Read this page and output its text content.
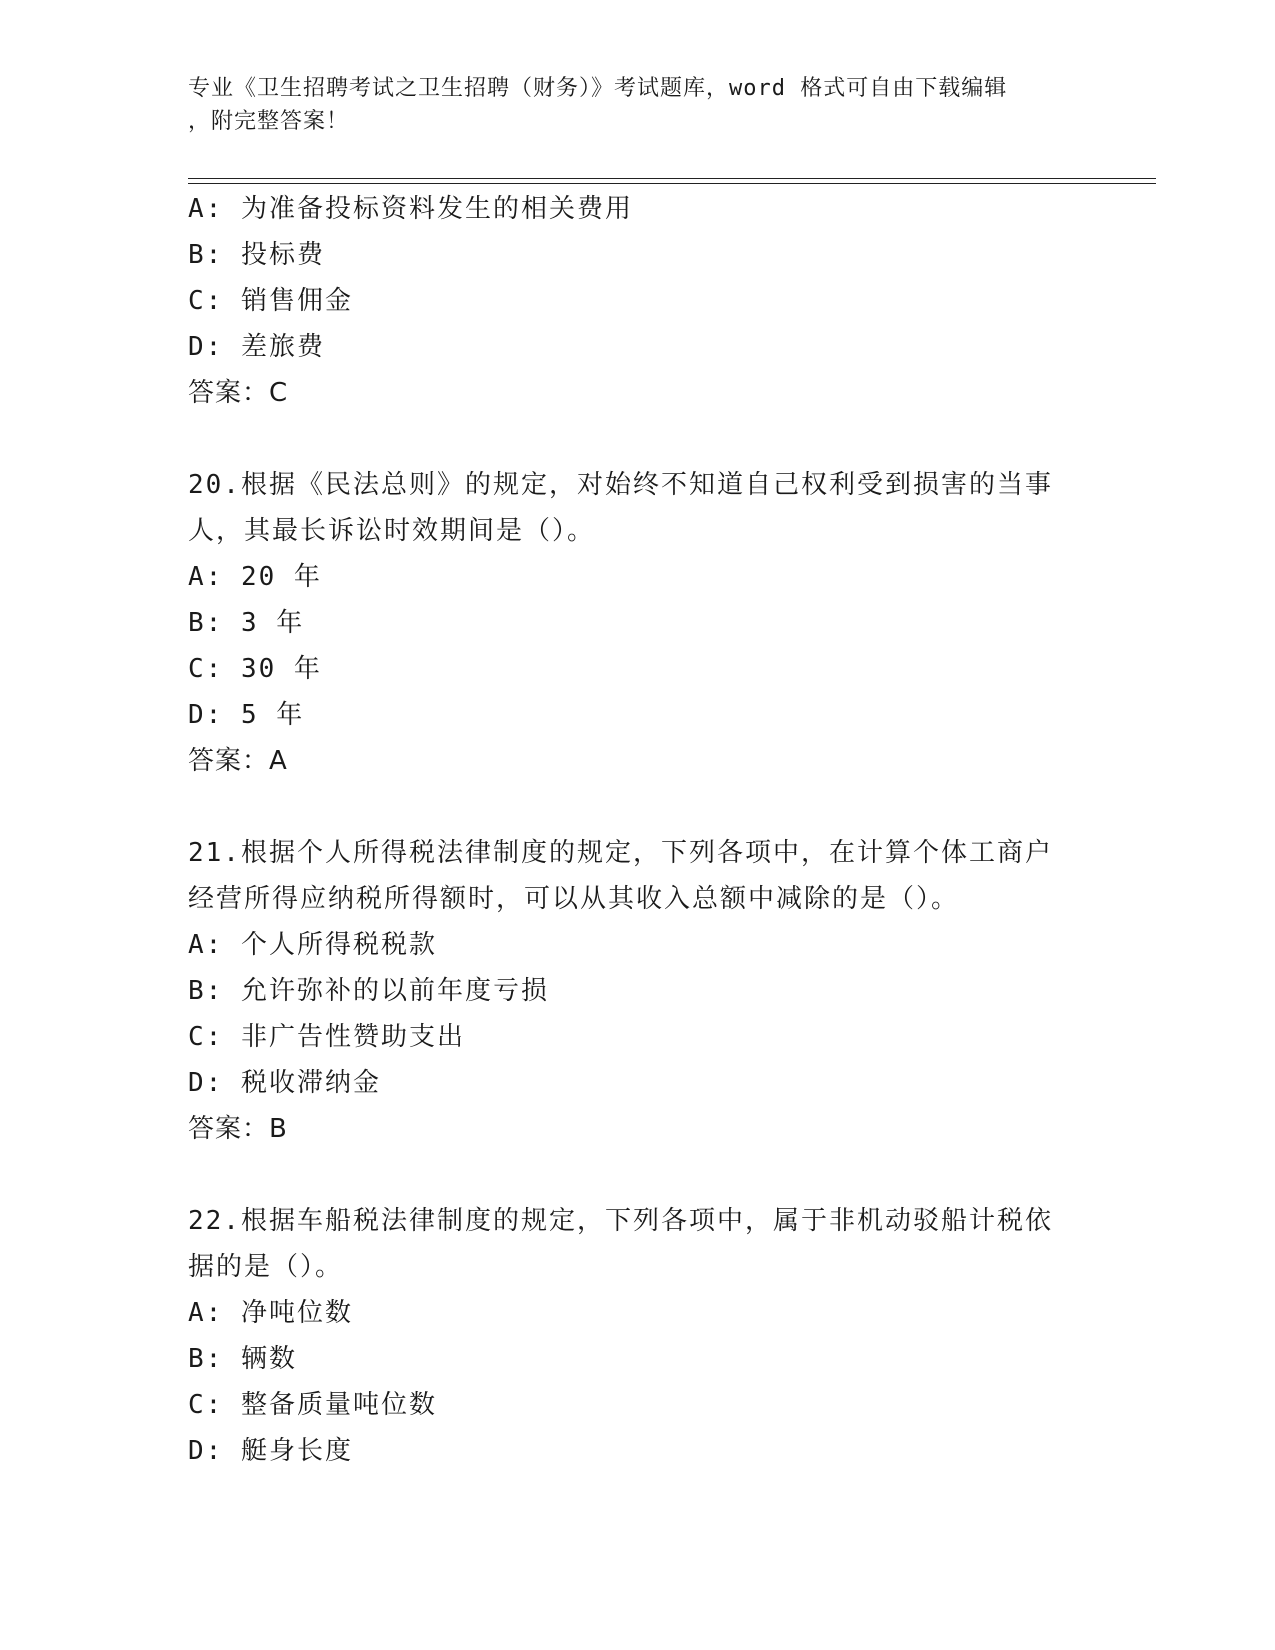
专业《卫生招聘考试之卫生招聘（财务）》考试题库，word 格式可自由下载编辑
，附完整答案！
A: 为准备投标资料发生的相关费用
B: 投标费
C: 销售佣金
D: 差旅费
答案：C
20.根据《民法总则》的规定，对始终不知道自己权利受到损害的当事
人，其最长诉讼时效期间是（）。
A: 20 年
B: 3 年
C: 30 年
D: 5 年
答案：A
21.根据个人所得税法律制度的规定，下列各项中，在计算个体工商户
经营所得应纳税所得额时，可以从其收入总额中减除的是（）。
A: 个人所得税税款
B: 允许弥补的以前年度亏损
C: 非广告性赞助支出
D: 税收滞纳金
答案：B
22.根据车船税法律制度的规定，下列各项中，属于非机动驳船计税依
据的是（）。
A: 净吨位数
B: 辆数
C: 整备质量吨位数
D: 艇身长度
